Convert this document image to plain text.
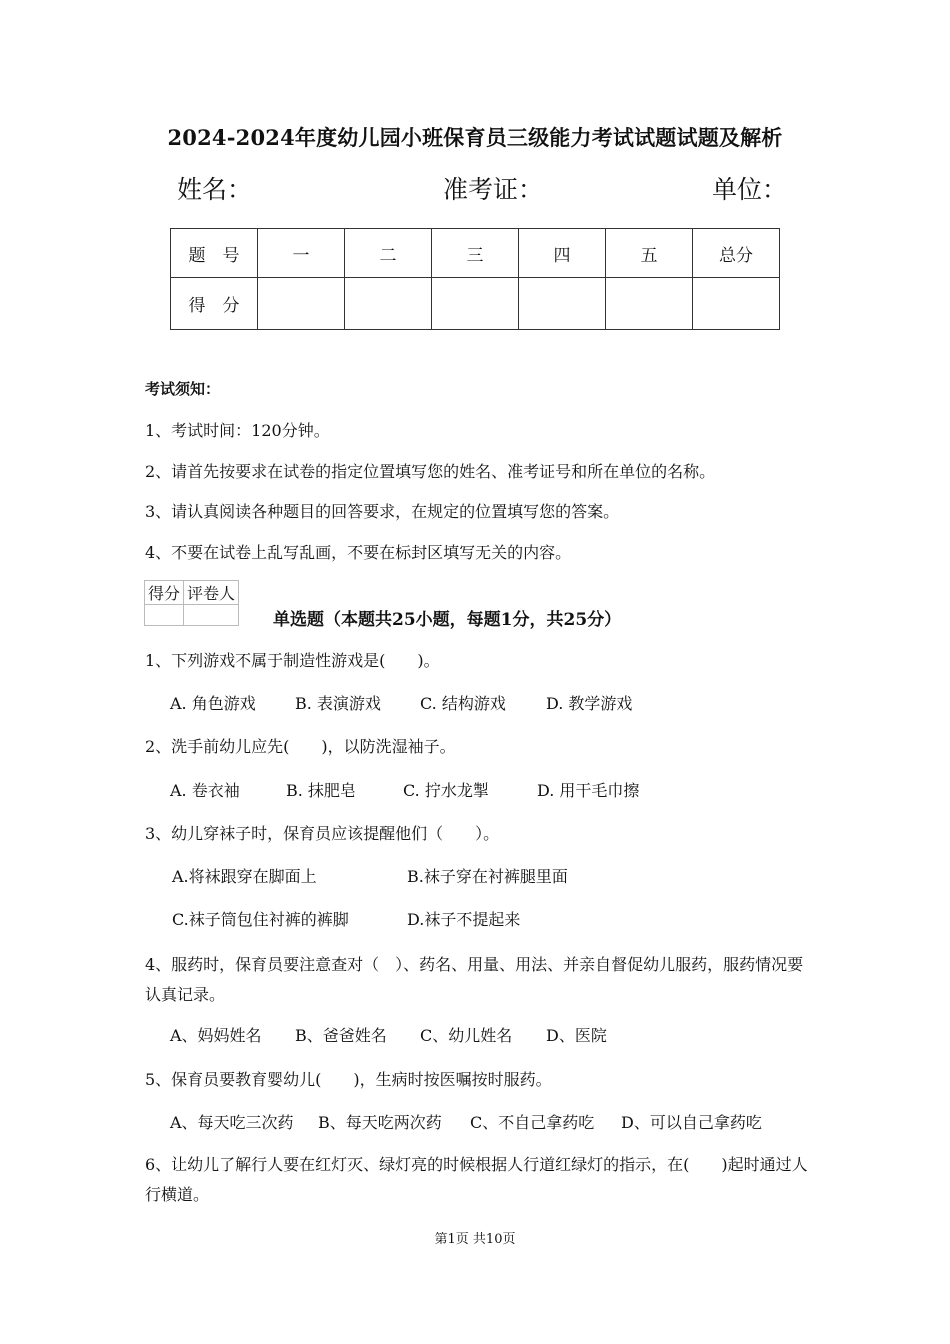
2024-2024年度幼儿园小班保育员三级能力考试试题试题及解析
姓名：	准考证：	单位：
题　号	一	二	三	四	五	总分
得　分						
考试须知：
1、考试时间：120分钟。
2、请首先按要求在试卷的指定位置填写您的姓名、准考证号和所在单位的名称。
3、请认真阅读各种题目的回答要求，在规定的位置填写您的答案。
4、不要在试卷上乱写乱画，不要在标封区填写无关的内容。
得分	评卷人

单选题（本题共25小题，每题1分，共25分）
1、下列游戏不属于制造性游戏是(　　)。
A. 角色游戏 B. 表演游戏 C. 结构游戏	D. 教学游戏
2、洗手前幼儿应先(　　)，以防洗湿袖子。
A. 卷衣袖	B. 抹肥皂	C. 拧水龙掣	D. 用干毛巾擦
3、幼儿穿袜子时，保育员应该提醒他们（　　）。
A.将袜跟穿在脚面上	B.袜子穿在衬裤腿里面
C.袜子筒包住衬裤的裤脚	D.袜子不提起来
4、服药时，保育员要注意查对（　）、药名、用量、用法、并亲自督促幼儿服药，服药情况要认真记录。
A、妈妈姓名 B、爸爸姓名 C、幼儿姓名 D、医院
5、保育员要教育婴幼儿(　　)，生病时按医嘱按时服药。
A、每天吃三次药 B、每天吃两次药 C、不自己拿药吃 D、可以自己拿药吃
6、让幼儿了解行人要在红灯灭、绿灯亮的时候根据人行道红绿灯的指示，在(　　)起时通过人行横道。
第1页 共10页
